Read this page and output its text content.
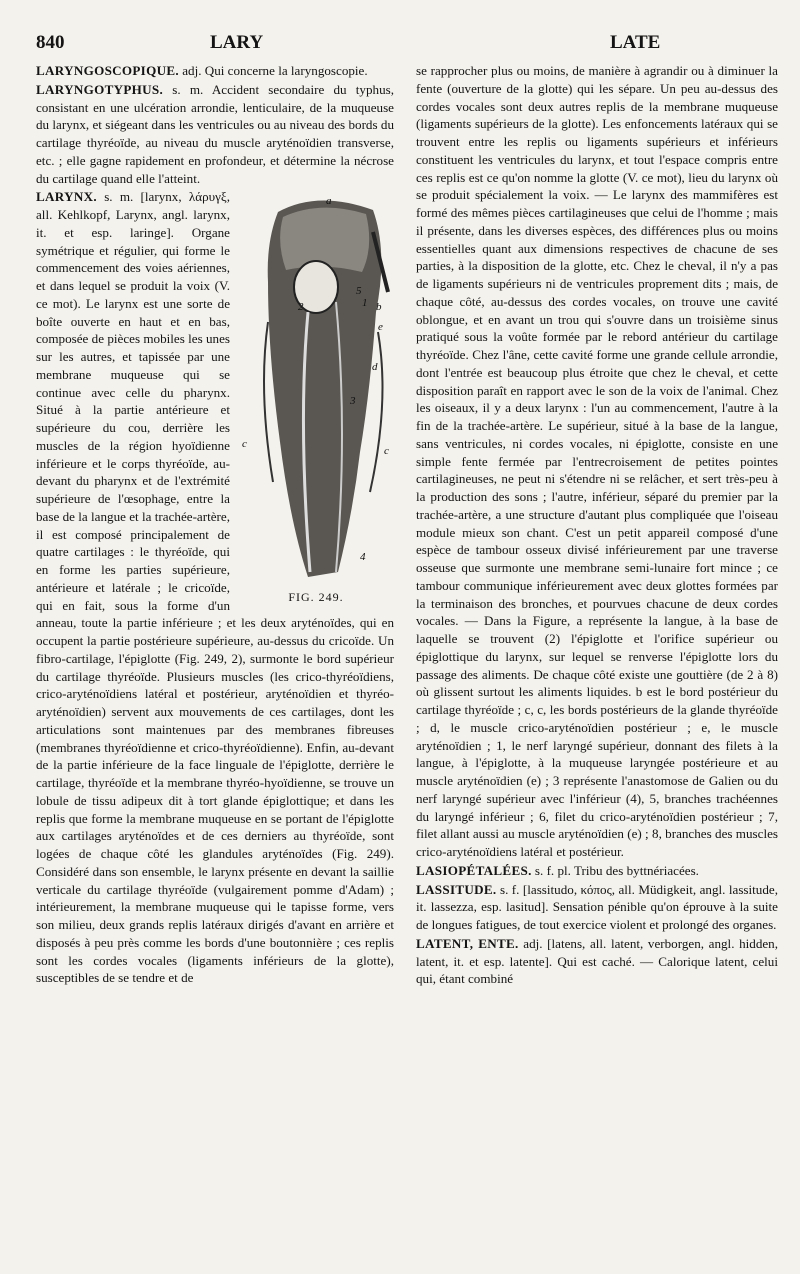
840	LARY	LATE

LARYNGOSCOPIQUE. adj. Qui concerne la laryngoscopie.

LARYNGOTYPHUS. s. m. Accident secondaire du typhus, consistant en une ulcération arrondie, lenticulaire, de la muqueuse du larynx, et siégeant dans les ventricules ou au niveau des bords du cartilage thyréoïde, au niveau du muscle aryténoïdien transverse, etc. ; elle gagne rapidement en profondeur, et détermine la nécrose du cartilage quand elle l'atteint.

a
2
5
1 b
e
d
3
c
c
4
FIG. 249.

LARYNX. s. m. [larynx, λάρυγξ, all. Kehlkopf, Larynx, angl. larynx, it. et esp. laringe]. Organe symétrique et régulier, qui forme le commencement des voies aériennes, et dans lequel se produit la voix (V. ce mot). Le larynx est une sorte de boîte ouverte en haut et en bas, composée de pièces mobiles les unes sur les autres, et tapissée par une membrane muqueuse qui se continue avec celle du pharynx. Situé à la partie antérieure et supérieure du cou, derrière les muscles de la région hyoïdienne inférieure et le corps thyréoïde, au-devant du pharynx et de l'extrémité supérieure de l'œsophage, entre la base de la langue et la trachée-artère, il est composé principalement de quatre cartilages : le thyréoïde, qui en forme les parties supérieure, antérieure et latérale ; le cricoïde, qui en fait, sous la forme d'un anneau, toute la partie inférieure ; et les deux aryténoïdes, qui en occupent la partie postérieure supérieure, au-dessus du cricoïde. Un fibro-cartilage, l'épiglotte (Fig. 249, 2), surmonte le bord supérieur du cartilage thyréoïde. Plusieurs muscles (les crico-thyréoïdiens, crico-aryténoïdiens latéral et postérieur, aryténoïdien et thyréo-aryténoïdien) servent aux mouvements de ces cartilages, dont les articulations sont maintenues par des membranes fibreuses (membranes thyréoïdienne et crico-thyréoïdienne). Enfin, au-devant de la partie inférieure de la face linguale de l'épiglotte, derrière le cartilage, thyréoïde et la membrane thyréo-hyoïdienne, se trouve un lobule de tissu adipeux dit à tort glande épiglottique; et dans les replis que forme la membrane muqueuse en se portant de l'épiglotte aux cartilages aryténoïdes et de ces derniers au thyréoïde, sont logées de chaque côté les glandules aryténoïdes (Fig. 249). Considéré dans son ensemble, le larynx présente en devant la saillie verticale du cartilage thyréoïde (vulgairement pomme d'Adam) ; intérieurement, la membrane muqueuse qui le tapisse forme, vers son milieu, deux grands replis latéraux dirigés d'avant en arrière et disposés à peu près comme les bords d'une boutonnière ; ces replis sont les cordes vocales (ligaments inférieurs de la glotte), susceptibles de se tendre et de

se rapprocher plus ou moins, de manière à agrandir ou à diminuer la fente (ouverture de la glotte) qui les sépare. Un peu au-dessus des cordes vocales sont deux autres replis de la membrane muqueuse (ligaments supérieurs de la glotte). Les enfoncements latéraux qui se trouvent entre les replis ou ligaments supérieurs et inférieurs constituent les ventricules du larynx, et tout l'espace compris entre ces replis est ce qu'on nomme la glotte (V. ce mot), lieu du larynx où se produit spécialement la voix. — Le larynx des mammifères est formé des mêmes pièces cartilagineuses que celui de l'homme ; mais il présente, dans les diverses espèces, des différences plus ou moins essentielles quant aux dimensions respectives de chacune de ses parties, à la disposition de la glotte, etc. Chez le cheval, il n'y a pas de ligaments supérieurs ni de ventricules proprement dits ; mais, de chaque côté, au-dessus des cordes vocales, on trouve une cavité oblongue, et en avant un trou qui s'ouvre dans un troisième sinus pratiqué sous la voûte formée par le rebord antérieur du cartilage thyréoïde. Chez l'âne, cette cavité forme une grande cellule arrondie, dont l'entrée est beaucoup plus étroite que chez le cheval, et cette disposition paraît en rapport avec le son de la voix de l'animal. Chez les oiseaux, il y a deux larynx : l'un au commencement, l'autre à la fin de la trachée-artère. Le supérieur, situé à la base de la langue, sans ventricules, ni cordes vocales, ni épiglotte, consiste en une simple fente fermée par l'entrecroisement de petites pointes cartilagineuses, ne peut ni s'étendre ni se relâcher, et sert très-peu à la production des sons ; l'autre, inférieur, séparé du premier par la trachée-artère, a une structure d'autant plus compliquée que l'oiseau module mieux son chant. C'est un petit appareil composé d'une espèce de tambour osseux divisé inférieurement par une traverse osseuse que surmonte une membrane semi-lunaire fort mince ; ce tambour communique inférieurement avec deux glottes formées par la terminaison des bronches, et pourvues chacune de deux cordes vocales. — Dans la Figure, a représente la langue, à la base de laquelle se trouvent (2) l'épiglotte et l'orifice supérieur ou épiglottique du larynx, sur lequel se renverse l'épiglotte lors du passage des aliments. De chaque côté existe une gouttière (de 2 à 8) où glissent surtout les aliments liquides. b est le bord postérieur du cartilage thyréoïde ; c, c, les bords postérieurs de la glande thyréoïde ; d, le muscle crico-aryténoïdien postérieur ; e, le muscle aryténoïdien ; 1, le nerf laryngé supérieur, donnant des filets à la langue, à l'épiglotte, à la muqueuse laryngée postérieure et au muscle aryténoïdien (e) ; 3 représente l'anastomose de Galien ou du nerf laryngé supérieur avec l'inférieur (4), 5, branches trachéennes du laryngé inférieur ; 6, filet du crico-aryténoïdien postérieur ; 7, filet allant aussi au muscle aryténoïdien (e) ; 8, branches des muscles crico-aryténoïdiens latéral et postérieur.

LASIOPÉTALÉES. s. f. pl. Tribu des byttnériacées.

LASSITUDE. s. f. [lassitudo, κόπος, all. Müdigkeit, angl. lassitude, it. lassezza, esp. lasitud]. Sensation pénible qu'on éprouve à la suite de longues fatigues, de tout exercice violent et prolongé des organes.

LATENT, ENTE. adj. [latens, all. latent, verborgen, angl. hidden, latent, it. et esp. latente]. Qui est caché. — Calorique latent, celui qui, étant combiné
